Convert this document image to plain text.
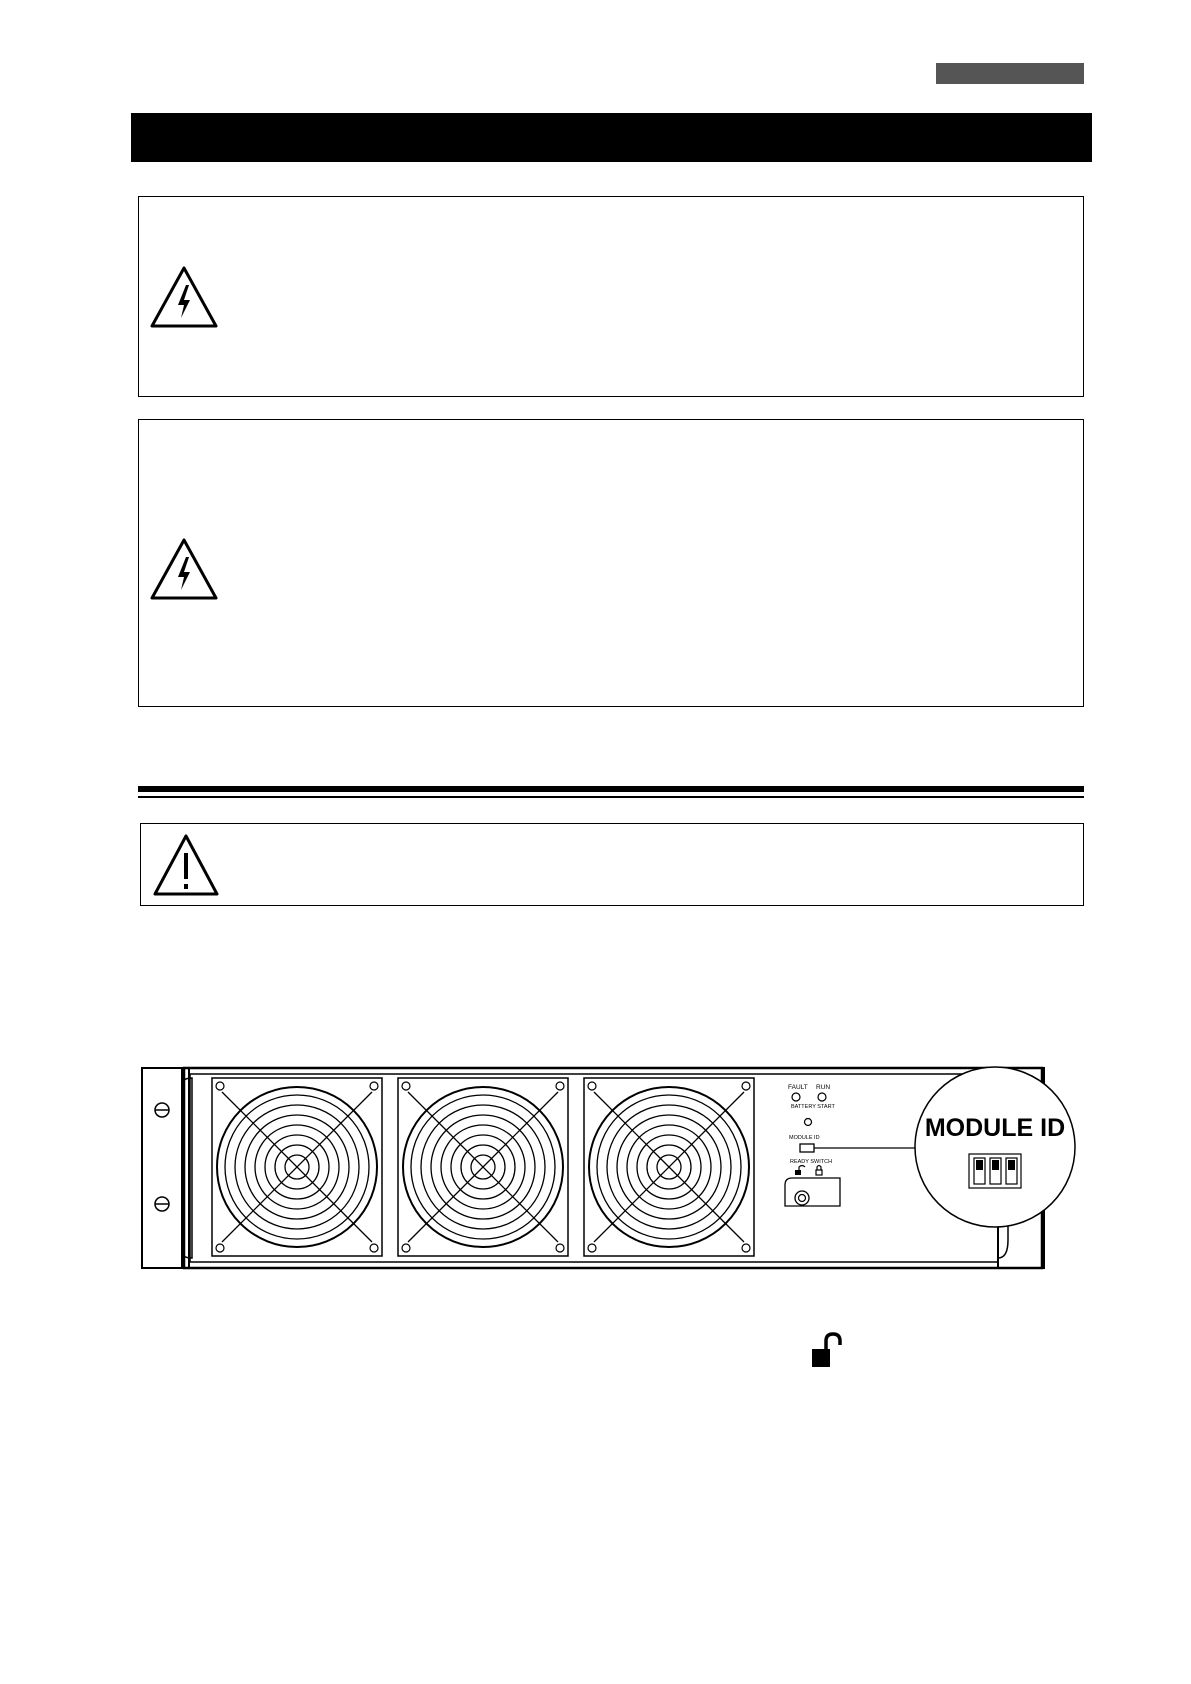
FAULT RUN
BATTERY START
MODULE ID
READY SWITCH
MODULE ID
